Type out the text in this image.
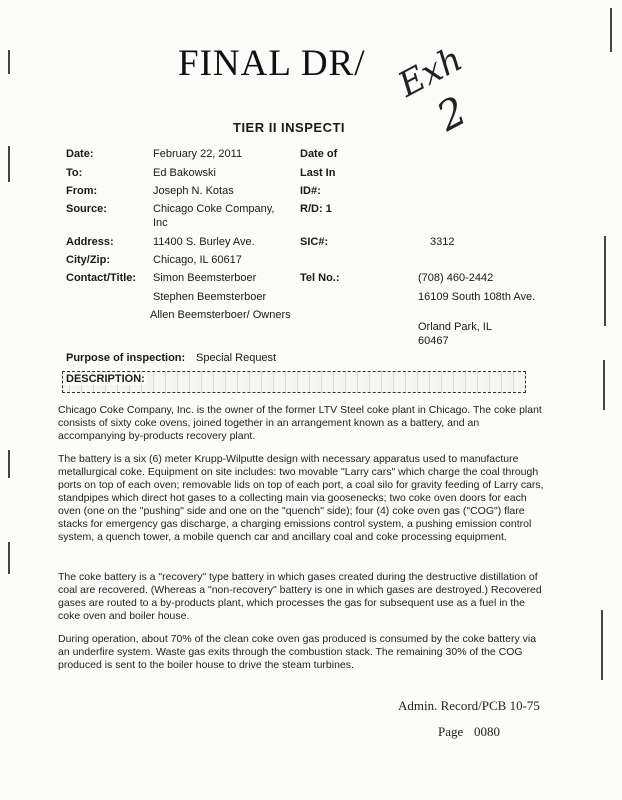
FINAL DR/ Exh
2
TIER II INSPECTI
Date:	February 22, 2011	Date of
To:	Ed Bakowski	Last In
From:	Joseph N. Kotas	ID#:
Source:	Chicago Coke Company, Inc
R/D: 1
Address:	11400 S. Burley Ave.	SIC#:	3312
City/Zip:	Chicago, IL 60617
Contact/Title: Simon Beemsterboer	Tel No.:	(708) 460-2442
Stephen Beemsterboer	16109 South 108th Ave.
Allen Beemsterboer/ Owners
Orland Park, IL 60467
Purpose of inspection: Special Request
DESCRIPTION:
Chicago Coke Company, Inc. is the owner of the former LTV Steel coke plant in Chicago. The coke plant consists of sixty coke ovens, joined together in an arrangement known as a battery, and an accompanying by-products recovery plant.
The battery is a six (6) meter Krupp-Wilputte design with necessary apparatus used to manufacture metallurgical coke. Equipment on site includes: two movable "Larry cars" which charge the coal through ports on top of each oven; removable lids on top of each port, a coal silo for gravity feeding of Larry cars, standpipes which direct hot gases to a collecting main via goosenecks; two coke oven doors for each oven (one on the "pushing" side and one on the "quench" side); four (4) coke oven gas ("COG") flare stacks for emergency gas discharge, a charging emissions control system, a pushing emission control system, a quench tower, a mobile quench car and ancillary coal and coke processing equipment.
The coke battery is a "recovery" type battery in which gases created during the destructive distillation of coal are recovered. (Whereas a "non-recovery" battery is one in which gases are destroyed.) Recovered gases are routed to a by-products plant, which processes the gas for subsequent use as a fuel in the coke oven and boiler house.
During operation, about 70% of the clean coke oven gas produced is consumed by the coke battery via an underfire system. Waste gas exits through the combustion stack. The remaining 30% of the COG produced is sent to the boiler house to drive the steam turbines.
Admin. Record/PCB 10-75
Page 0080
